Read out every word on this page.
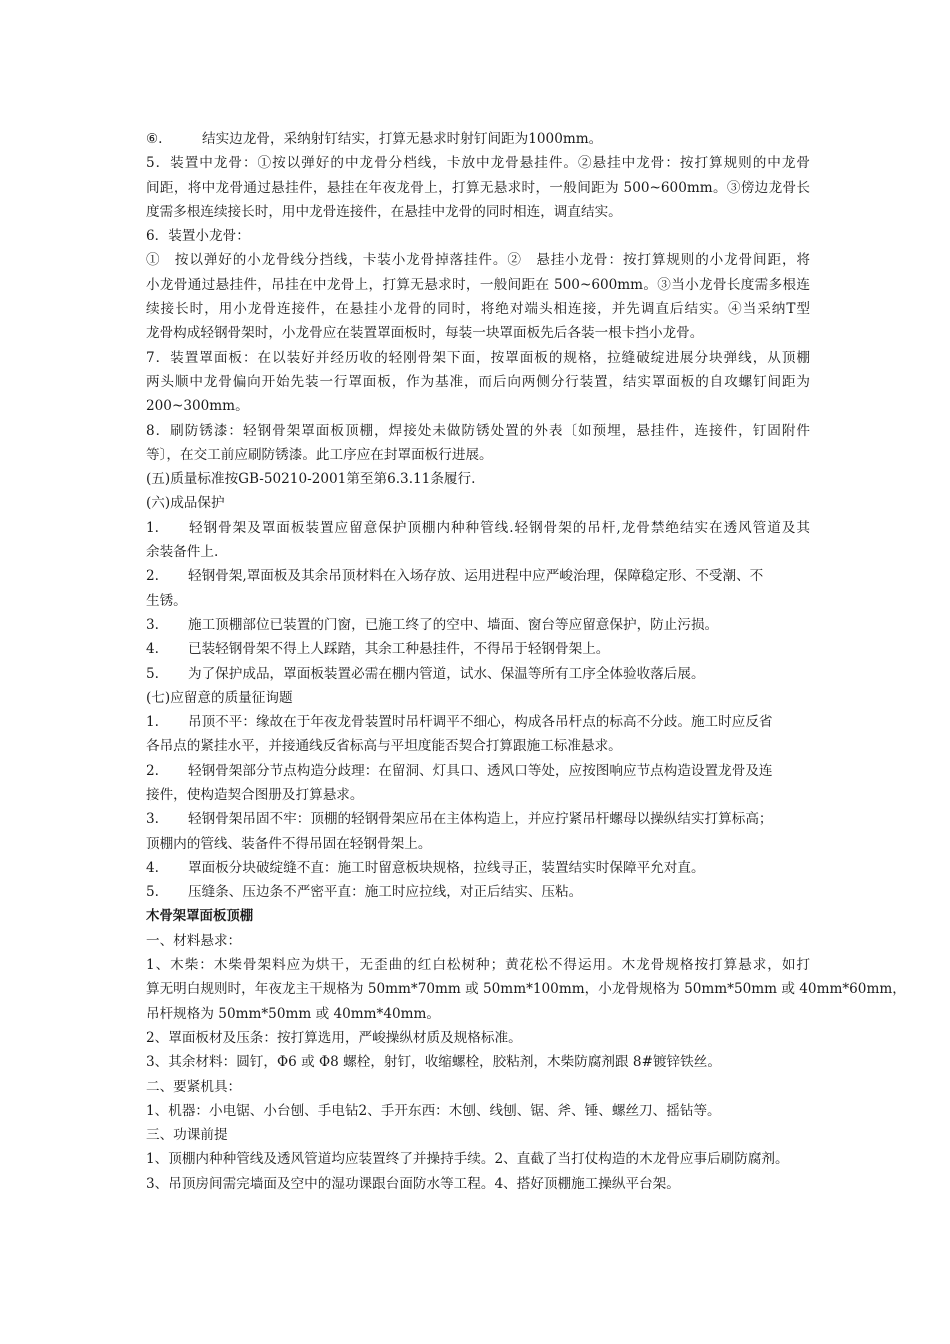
⑥.	结实边龙骨，采纳射钉结实，打算无悬求时射钉间距为1000mm。
5．装置中龙骨：①按以弹好的中龙骨分档线，卡放中龙骨悬挂件。②悬挂中龙骨：按打算规则的中龙骨
间距，将中龙骨通过悬挂件，悬挂在年夜龙骨上，打算无悬求时，一般间距为 500~600mm。③傍边龙骨长
度需多根连续接长时，用中龙骨连接件，在悬挂中龙骨的同时相连，调直结实。
6．装置小龙骨：
①　按以弹好的小龙骨线分挡线，卡装小龙骨掉落挂件。②　悬挂小龙骨：按打算规则的小龙骨间距，将
小龙骨通过悬挂件，吊挂在中龙骨上，打算无悬求时，一般间距在 500~600mm。③当小龙骨长度需多根连
续接长时，用小龙骨连接件，在悬挂小龙骨的同时，将绝对端头相连接，并先调直后结实。④当采纳T型
龙骨构成轻钢骨架时，小龙骨应在装置罩面板时，每装一块罩面板先后各装一根卡挡小龙骨。
7．装置罩面板：在以装好并经历收的轻刚骨架下面，按罩面板的规格，拉缝破绽进展分块弹线，从顶棚
两头顺中龙骨偏向开始先装一行罩面板，作为基准，而后向两侧分行装置，结实罩面板的自攻螺钉间距为
200~300mm。
8．刷防锈漆：轻钢骨架罩面板顶棚，焊接处未做防锈处置的外表〔如预埋，悬挂件，连接件，钉固附件
等〕，在交工前应刷防锈漆。此工序应在封罩面板行进展。
(五)质量标准按GB-50210-2001第至第6.3.11条履行.
(六)成品保护
1. 轻钢骨架及罩面板装置应留意保护顶棚内种种管线.轻钢骨架的吊杆,龙骨禁绝结实在透风管道及其
余装备件上.
2. 轻钢骨架,罩面板及其余吊顶材料在入场存放、运用进程中应严峻治理，保障稳定形、不受潮、不
生锈。
3. 施工顶棚部位已装置的门窗，已施工终了的空中、墙面、窗台等应留意保护，防止污损。
4. 已装轻钢骨架不得上人踩踏，其余工种悬挂件，不得吊于轻钢骨架上。
5. 为了保护成品，罩面板装置必需在棚内管道，试水、保温等所有工序全体验收落后展。
(七)应留意的质量征询题
1. 吊顶不平：缘故在于年夜龙骨装置时吊杆调平不细心，构成各吊杆点的标高不分歧。施工时应反省
各吊点的紧挂水平，并接通线反省标高与平坦度能否契合打算跟施工标准悬求。
2. 轻钢骨架部分节点构造分歧理：在留洞、灯具口、透风口等处，应按图响应节点构造设置龙骨及连
接件，使构造契合图册及打算悬求。
3. 轻钢骨架吊固不牢：顶棚的轻钢骨架应吊在主体构造上，并应拧紧吊杆螺母以操纵结实打算标高；
顶棚内的管线、装备件不得吊固在轻钢骨架上。
4. 罩面板分块破绽缝不直：施工时留意板块规格，拉线寻正，装置结实时保障平允对直。
5. 压缝条、压边条不严密平直：施工时应拉线，对正后结实、压粘。
木骨架罩面板顶棚
一、材料悬求：
1、木柴：木柴骨架料应为烘干，无歪曲的红白松树种；黄花松不得运用。木龙骨规格按打算悬求，如打
算无明白规则时，年夜龙主干规格为 50mm*70mm 或 50mm*100mm，小龙骨规格为 50mm*50mm 或 40mm*60mm，
吊杆规格为 50mm*50mm 或 40mm*40mm。
2、罩面板材及压条：按打算选用，严峻操纵材质及规格标准。
3、其余材料：圆钉，Φ6 或 Φ8 螺栓，射钉，收缩螺栓，胶粘剂，木柴防腐剂跟 8#镀锌铁丝。
二、要紧机具：
1、机器：小电锯、小台刨、手电钻2、手开东西：木刨、线刨、锯、斧、锤、螺丝刀、摇钻等。
三、功课前提
1、顶棚内种种管线及透风管道均应装置终了并操持手续。2、直截了当打仗构造的木龙骨应事后刷防腐剂。
3、吊顶房间需完墙面及空中的湿功课跟台面防水等工程。4、搭好顶棚施工操纵平台架。
